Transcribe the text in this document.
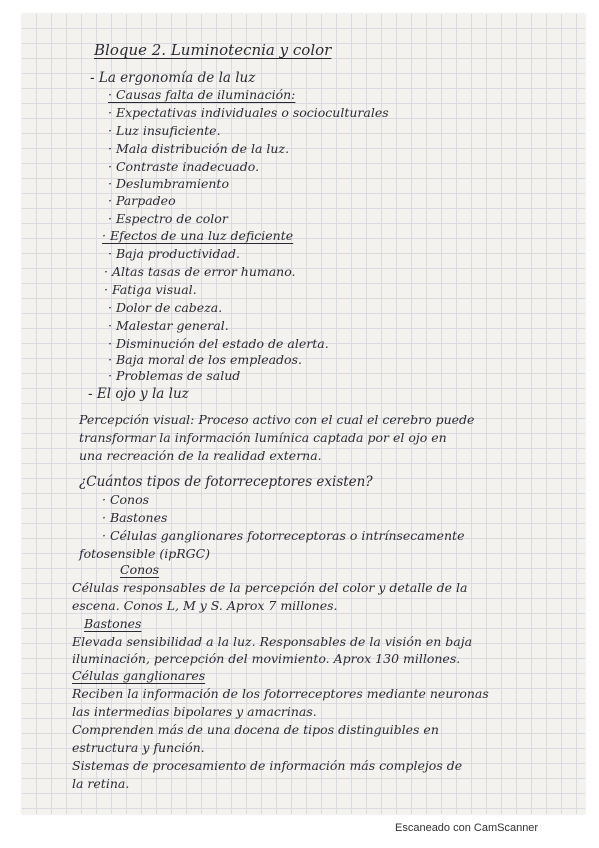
Bloque 2. Luminotecnia y color
- La ergonomía de la luz
· Causas falta de iluminación:
· Expectativas individuales o socioculturales
· Luz insuficiente.
· Mala distribución de la luz.
· Contraste inadecuado.
· Deslumbramiento
· Parpadeo
· Espectro de color
· Efectos de una luz deficiente
· Baja productividad.
· Altas tasas de error humano.
· Fatiga visual.
· Dolor de cabeza.
· Malestar general.
· Disminución del estado de alerta.
· Baja moral de los empleados.
· Problemas de salud
- El ojo y la luz
Percepción visual: Proceso activo con el cual el cerebro puede
transformar la información lumínica captada por el ojo en
una recreación de la realidad externa.
¿Cuántos tipos de fotorreceptores existen?
· Conos
· Bastones
· Células ganglionares fotorreceptoras o intrínsecamente
fotosensible (ipRGC)
Conos
Células responsables de la percepción del color y detalle de la
escena. Conos L, M y S. Aprox 7 millones.
Bastones
Elevada sensibilidad a la luz. Responsables de la visión en baja
iluminación, percepción del movimiento. Aprox 130 millones.
Células ganglionares
Reciben la información de los fotorreceptores mediante neuronas
las intermedias bipolares y amacrinas.
Comprenden más de una docena de tipos distinguibles en
estructura y función.
Sistemas de procesamiento de información más complejos de
la retina.
Escaneado con CamScanner
